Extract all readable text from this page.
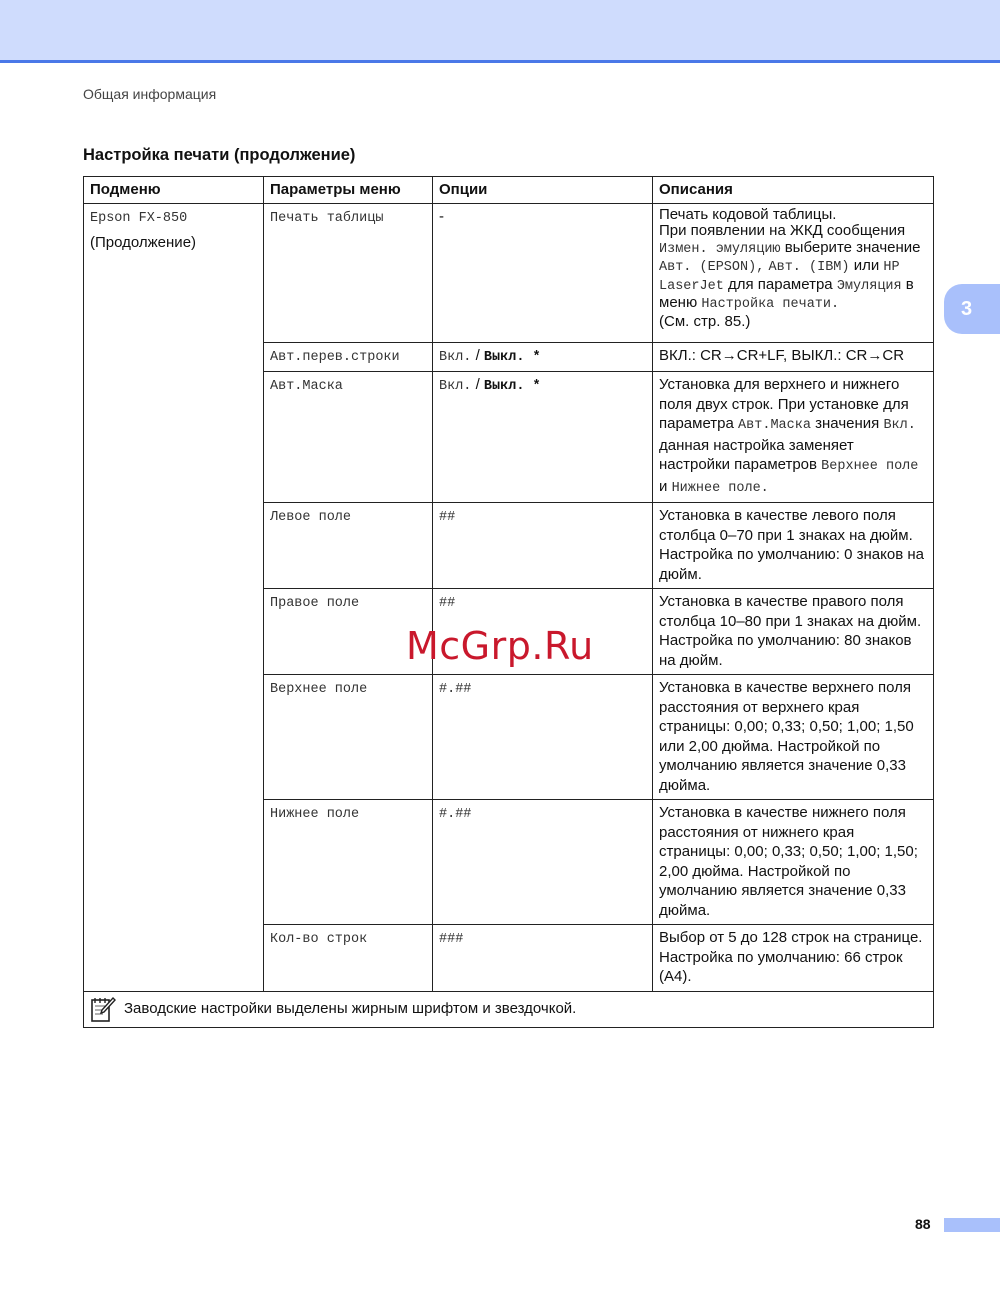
Общая информация
Настройка печати (продолжение)
3
Подменю	Параметры меню	Опции	Описания
Epson FX-850
(Продолжение)	Печать таблицы	-	Печать кодовой таблицы.
При появлении на ЖКД сообщения Измен. эмуляцию выберите значение Авт. (EPSON), Авт. (IBM) или HP LaserJet для параметра Эмуляция в меню Настройка печати.
(См. стр. 85.)
	Авт.перев.строки	Вкл. / Выкл. *	ВКЛ.: CR→CR+LF, ВЫКЛ.: CR→CR
	Авт.Маска	Вкл. / Выкл. *	Установка для верхнего и нижнего поля двух строк. При установке для параметра Авт.Маска значения Вкл. данная настройка заменяет настройки параметров Верхнее поле и Нижнее поле.
	Левое поле	##	Установка в качестве левого поля столбца 0–70 при 1 знаках на дюйм. Настройка по умолчанию: 0 знаков на дюйм.
	Правое поле	##	Установка в качестве правого поля столбца 10–80 при 1 знаках на дюйм. Настройка по умолчанию: 80 знаков на дюйм.
	Верхнее поле	#.##	Установка в качестве верхнего поля расстояния от верхнего края страницы: 0,00; 0,33; 0,50; 1,00; 1,50 или 2,00 дюйма. Настройкой по умолчанию является значение 0,33 дюйма.
	Нижнее поле	#.##	Установка в качестве нижнего поля расстояния от нижнего края страницы: 0,00; 0,33; 0,50; 1,00; 1,50; 2,00 дюйма. Настройкой по умолчанию является значение 0,33 дюйма.
	Кол-во строк	###	Выбор от 5 до 128 строк на странице. Настройка по умолчанию: 66 строк (A4).

Заводские настройки выделены жирным шрифтом и звездочкой.			
McGrp.Ru
88
